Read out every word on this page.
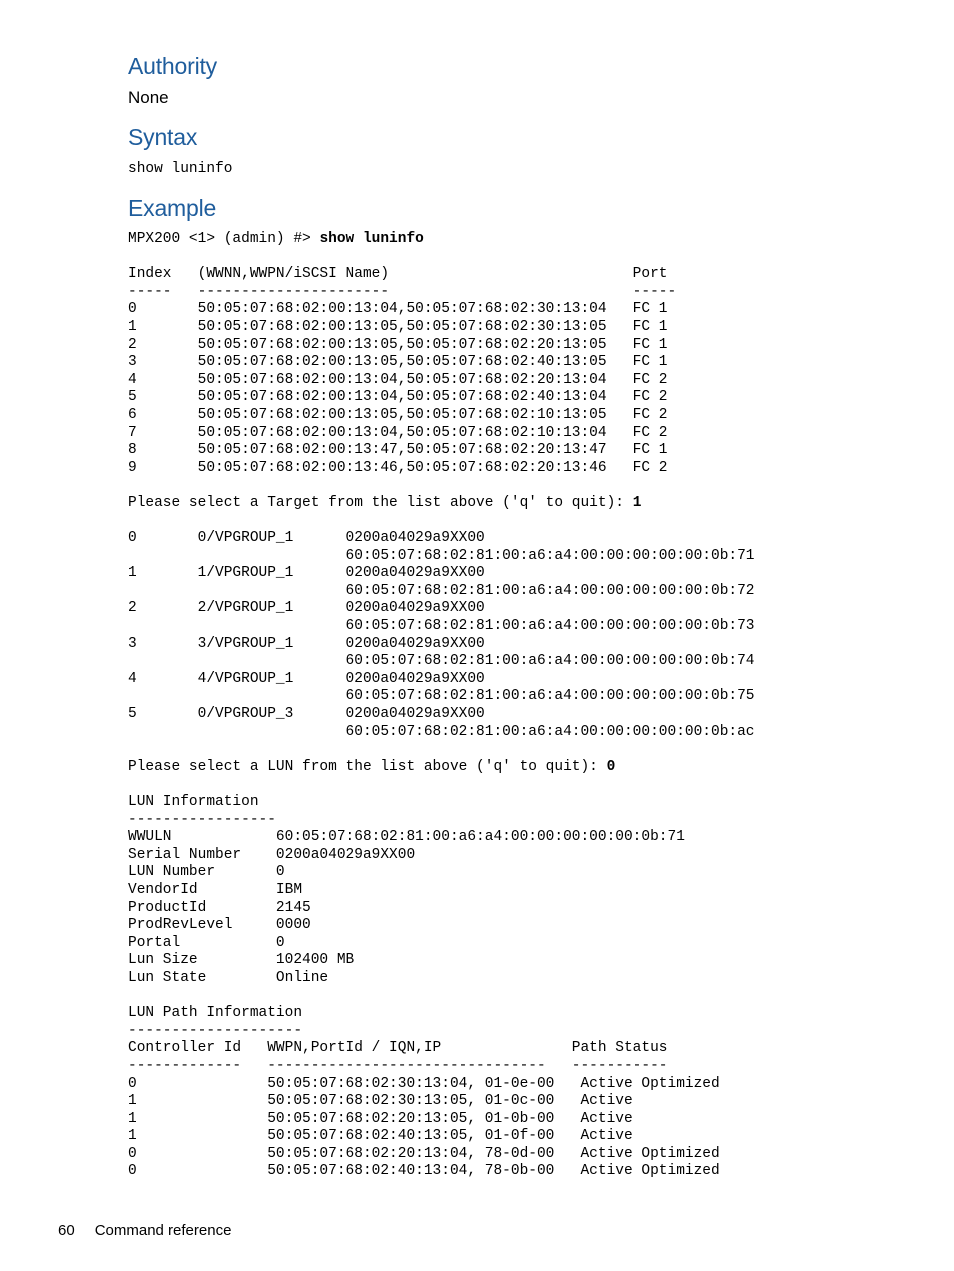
Authority
None
Syntax
show luninfo
Example
MPX200 <1> (admin) #> show luninfo

Index   (WWNN,WWPN/iSCSI Name)                            Port
-----   ----------------------                            -----
0       50:05:07:68:02:00:13:04,50:05:07:68:02:30:13:04   FC 1
1       50:05:07:68:02:00:13:05,50:05:07:68:02:30:13:05   FC 1
2       50:05:07:68:02:00:13:05,50:05:07:68:02:20:13:05   FC 1
3       50:05:07:68:02:00:13:05,50:05:07:68:02:40:13:05   FC 1
4       50:05:07:68:02:00:13:04,50:05:07:68:02:20:13:04   FC 2
5       50:05:07:68:02:00:13:04,50:05:07:68:02:40:13:04   FC 2
6       50:05:07:68:02:00:13:05,50:05:07:68:02:10:13:05   FC 2
7       50:05:07:68:02:00:13:04,50:05:07:68:02:10:13:04   FC 2
8       50:05:07:68:02:00:13:47,50:05:07:68:02:20:13:47   FC 1
9       50:05:07:68:02:00:13:46,50:05:07:68:02:20:13:46   FC 2

Please select a Target from the list above ('q' to quit): 1

0       0/VPGROUP_1      0200a04029a9XX00
60:05:07:68:02:81:00:a6:a4:00:00:00:00:00:0b:71
1       1/VPGROUP_1      0200a04029a9XX00
60:05:07:68:02:81:00:a6:a4:00:00:00:00:00:0b:72
2       2/VPGROUP_1      0200a04029a9XX00
60:05:07:68:02:81:00:a6:a4:00:00:00:00:00:0b:73
3       3/VPGROUP_1      0200a04029a9XX00
60:05:07:68:02:81:00:a6:a4:00:00:00:00:00:0b:74
4       4/VPGROUP_1      0200a04029a9XX00
60:05:07:68:02:81:00:a6:a4:00:00:00:00:00:0b:75
5       0/VPGROUP_3      0200a04029a9XX00
60:05:07:68:02:81:00:a6:a4:00:00:00:00:00:0b:ac

Please select a LUN from the list above ('q' to quit): 0

LUN Information
-----------------
WWULN            60:05:07:68:02:81:00:a6:a4:00:00:00:00:00:0b:71
Serial Number    0200a04029a9XX00
LUN Number       0
VendorId         IBM
ProductId        2145
ProdRevLevel     0000
Portal           0
Lun Size         102400 MB
Lun State        Online

LUN Path Information
--------------------
Controller Id   WWPN,PortId / IQN,IP               Path Status
-------------   --------------------------------   -----------
0               50:05:07:68:02:30:13:04, 01-0e-00   Active Optimized
1               50:05:07:68:02:30:13:05, 01-0c-00   Active
1               50:05:07:68:02:20:13:05, 01-0b-00   Active
1               50:05:07:68:02:40:13:05, 01-0f-00   Active
0               50:05:07:68:02:20:13:04, 78-0d-00   Active Optimized
0               50:05:07:68:02:40:13:04, 78-0b-00   Active Optimized
60 Command reference
